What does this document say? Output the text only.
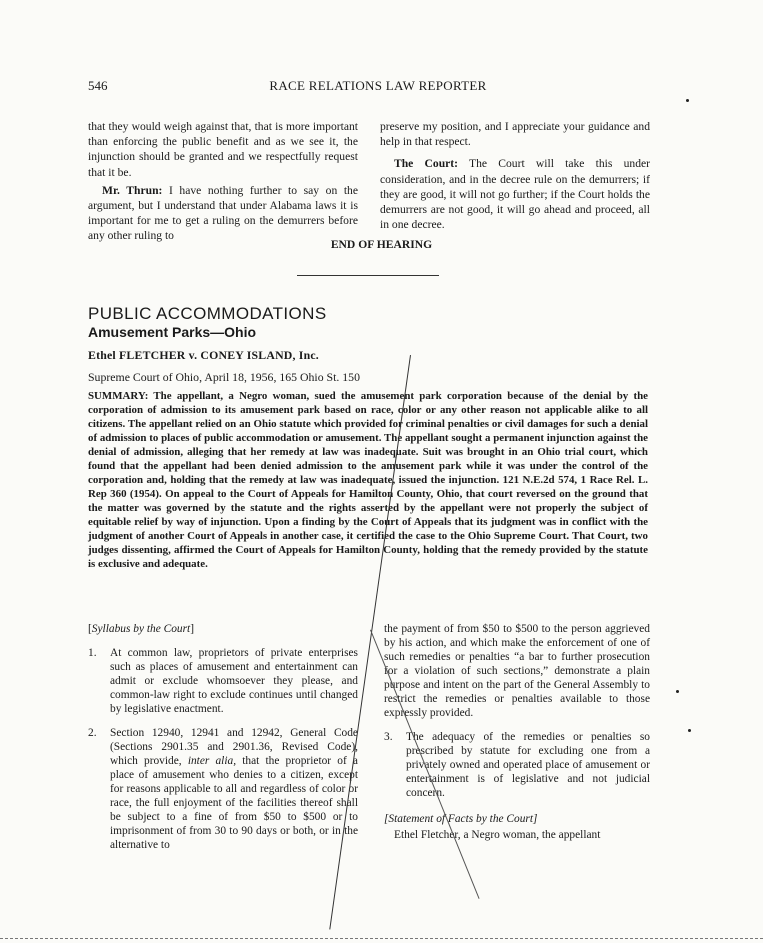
546	RACE RELATIONS LAW REPORTER

that they would weigh against that, that is more important than enforcing the public benefit and as we see it, the injunction should be granted and we respectfully request that it be.

Mr. Thrun: I have nothing further to say on the argument, but I understand that under Alabama laws it is important for me to get a ruling on the demurrers before any other ruling to

preserve my position, and I appreciate your guidance and help in that respect.

The Court: The Court will take this under consideration, and in the decree rule on the demurrers; if they are good, it will not go further; if the Court holds the demurrers are not good, it will go ahead and proceed, all in one decree.

END OF HEARING
PUBLIC ACCOMMODATIONS
Amusement Parks—Ohio
Ethel FLETCHER v. CONEY ISLAND, Inc.
Supreme Court of Ohio, April 18, 1956, 165 Ohio St. 150
SUMMARY: The appellant, a Negro woman, sued the amusement park corporation because of the denial by the corporation of admission to its amusement park based on race, color or any other reason not applicable alike to all citizens. The appellant relied on an Ohio statute which provided for criminal penalties or civil damages for such a denial of admission to places of public accommodation or amusement. The appellant sought a permanent injunction against the denial of admission, alleging that her remedy at law was inadequate. Suit was brought in an Ohio trial court, which found that the appellant had been denied admission to the amusement park while it was under the control of the corporation and, holding that the remedy at law was inadequate, issued the injunction. 121 N.E.2d 574, 1 Race Rel. L. Rep 360 (1954). On appeal to the Court of Appeals for Hamilton County, Ohio, that court reversed on the ground that the matter was governed by the statute and the rights asserted by the appellant were not properly the subject of equitable relief by way of injunction. Upon a finding by the Court of Appeals that its judgment was in conflict with the judgment of another Court of Appeals in another case, it certified the case to the Ohio Supreme Court. That Court, two judges dissenting, affirmed the Court of Appeals for Hamilton County, holding that the remedy provided by the statute is exclusive and adequate.
[Syllabus by the Court]
1. At common law, proprietors of private enterprises such as places of amusement and entertainment can admit or exclude whomsoever they please, and common-law right to exclude continues until changed by legislative enactment.
2. Section 12940, 12941 and 12942, General Code (Sections 2901.35 and 2901.36, Revised Code), which provide, inter alia, that the proprietor of a place of amusement who denies to a citizen, except for reasons applicable to all and regardless of color or race, the full enjoyment of the facilities thereof shall be subject to a fine of from $50 to $500 or to imprisonment of from 30 to 90 days or both, or in the alternative to
the payment of from $50 to $500 to the person aggrieved by his action, and which make the enforcement of one of such remedies or penalties “a bar to further prosecution for a violation of such sections,” demonstrate a plain purpose and intent on the part of the General Assembly to restrict the remedies or penalties available to those expressly provided.
3. The adequacy of the remedies or penalties so prescribed by statute for excluding one from a privately owned and operated place of amusement or entertainment is of legislative and not judicial concern.
[Statement of Facts by the Court]
Ethel Fletcher, a Negro woman, the appellant
